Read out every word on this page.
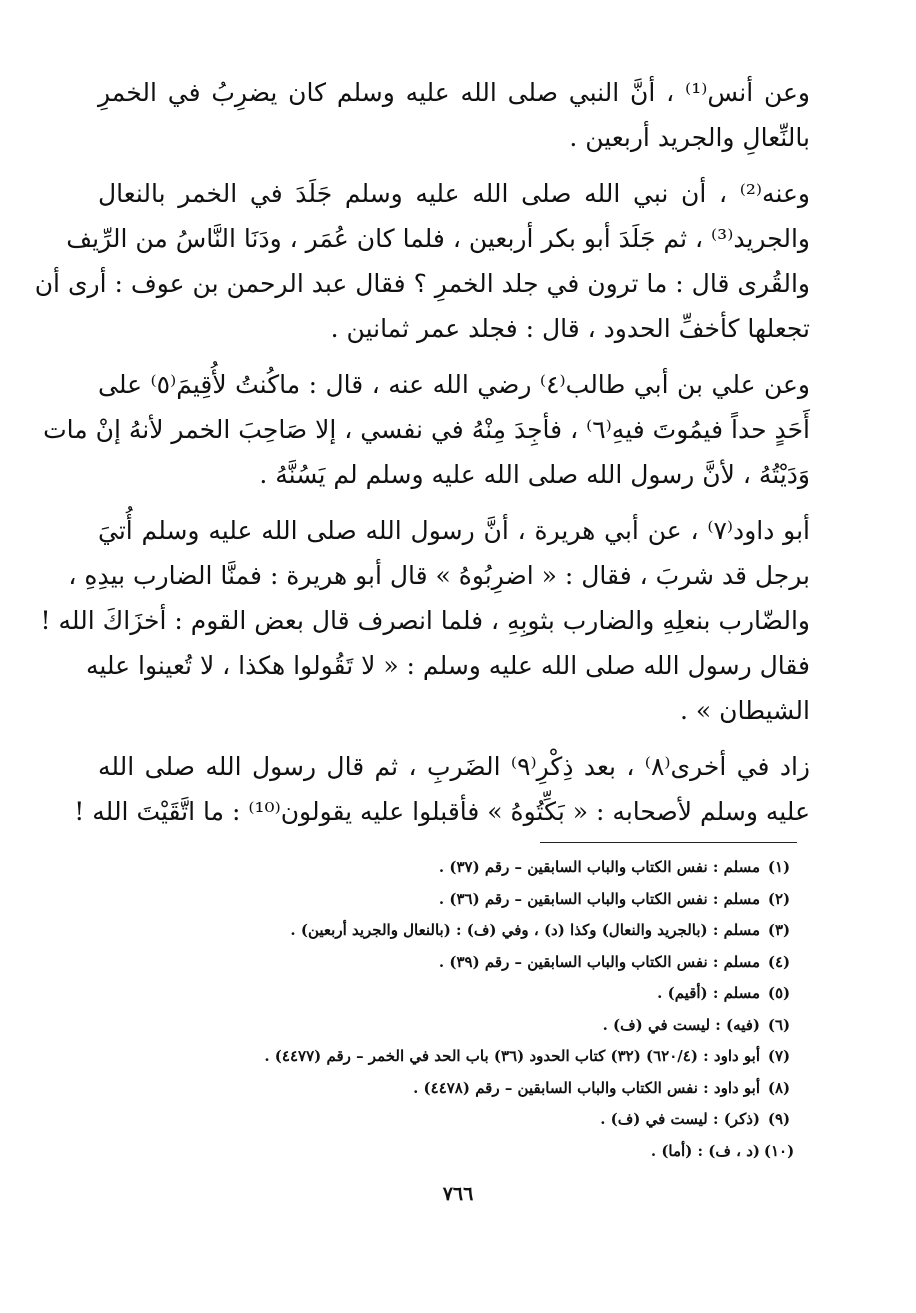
وعن أنس⁽¹⁾ ، أنَّ النبي صلى الله عليه وسلم كان يضرِبُ في الخمرِ
بالنِّعالِ والجريد أربعين .

وعنه⁽²⁾ ، أن نبي الله صلى الله عليه وسلم جَلَدَ في الخمر بالنعال
والجريد⁽³⁾ ، ثم جَلَدَ أبو بكر أربعين ، فلما كان عُمَر ، ودَنَا النَّاسُ من الرِّيف
والقُرى قال : ما ترون في جلد الخمرِ ؟ فقال عبد الرحمن بن عوف : أرى أن
تجعلها كأخفِّ الحدود ، قال : فجلد عمر ثمانين .

وعن علي بن أبي طالب⁽٤⁾ رضي الله عنه ، قال : ماكُنتُ لأُقِيمَ⁽٥⁾ على
أَحَدٍ حداً فيمُوتَ فيهِ⁽٦⁾ ، فأجِدَ مِنْهُ في نفسي ، إلا صَاحِبَ الخمر لأنهُ إنْ مات
وَدَيْتُهُ ، لأنَّ رسول الله صلى الله عليه وسلم لم يَسُنَّهُ .

أبو داود⁽٧⁾ ، عن أبي هريرة ، أنَّ رسول الله صلى الله عليه وسلم أُتيَ
برجل قد شربَ ، فقال : « اضرِبُوهُ » قال أبو هريرة : فمنَّا الضارب بيدِهِ ،
والضّارب بنعلِهِ والضارب بثوبِهِ ، فلما انصرف قال بعض القوم : أخزَاكَ الله !
فقال رسول الله صلى الله عليه وسلم : « لا تَقُولوا هكذا ، لا تُعينوا عليه
الشيطان » .

زاد في أخرى⁽٨⁾ ، بعد ذِكْرِ⁽٩⁾ الضَربِ ، ثم قال رسول الله صلى الله
عليه وسلم لأصحابه : « بَكِّتُوهُ » فأقبلوا عليه يقولون⁽¹⁰⁾ : ما اتَّقَيْتَ الله !

(١)
مسلم : نفس الكتاب والباب السابقين – رقم (٣٧) .
(٢)
مسلم : نفس الكتاب والباب السابقين – رقم (٣٦) .
(٣)
مسلم : (بالجريد والنعال) وكذا (د) ، وفي (ف) : (بالنعال والجريد أربعين) .
(٤)
مسلم : نفس الكتاب والباب السابقين – رقم (٣٩) .
(٥)
مسلم : (أقيم) .
(٦)
(فيه) : ليست في (ف) .
(٧)
أبو داود : (٦٢٠/٤) (٣٢) كتاب الحدود (٣٦) باب الحد في الخمر – رقم (٤٤٧٧) .
(٨)
أبو داود : نفس الكتاب والباب السابقين – رقم (٤٤٧٨) .
(٩)
(ذكر) : ليست في (ف) .
(١٠)
(د ، ف) : (أما) .
٧٦٦
